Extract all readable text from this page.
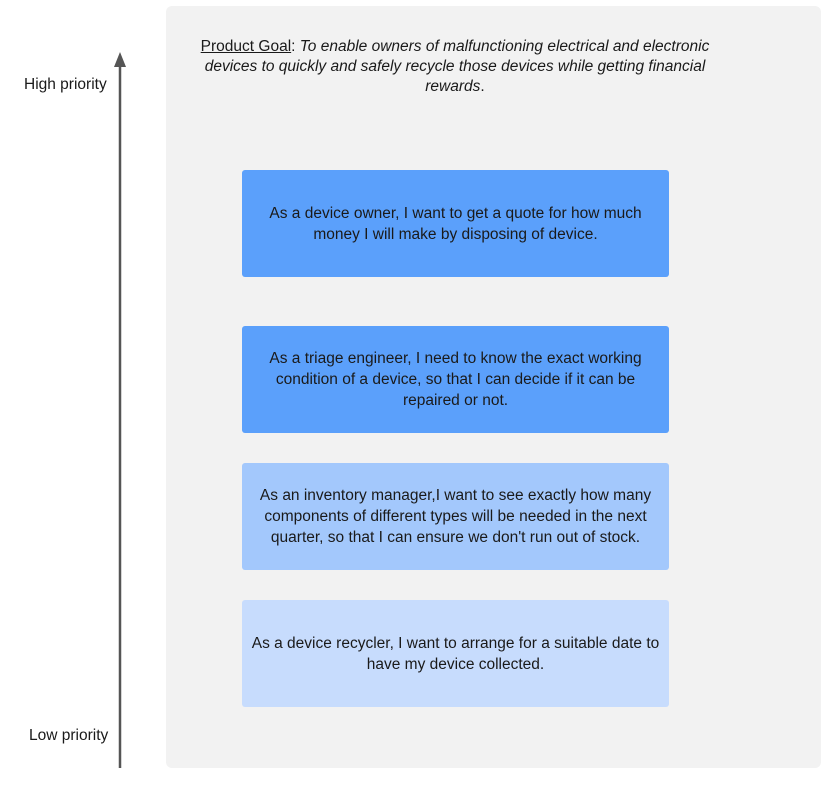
High priority
Low priority
Product Goal: To enable owners of malfunctioning electrical and electronic devices to quickly and safely recycle those devices while getting financial rewards.
As a device owner, I want to get a quote for how much money I will make by disposing of device.
As a triage engineer, I need to know the exact working condition of a device, so that I can decide if it can be repaired or not.
As an inventory manager,I want to see exactly how many components of different types will be needed in the next quarter, so that I can ensure we don't run out of stock.
As a device recycler, I want to arrange for a suitable date to have my device collected.
